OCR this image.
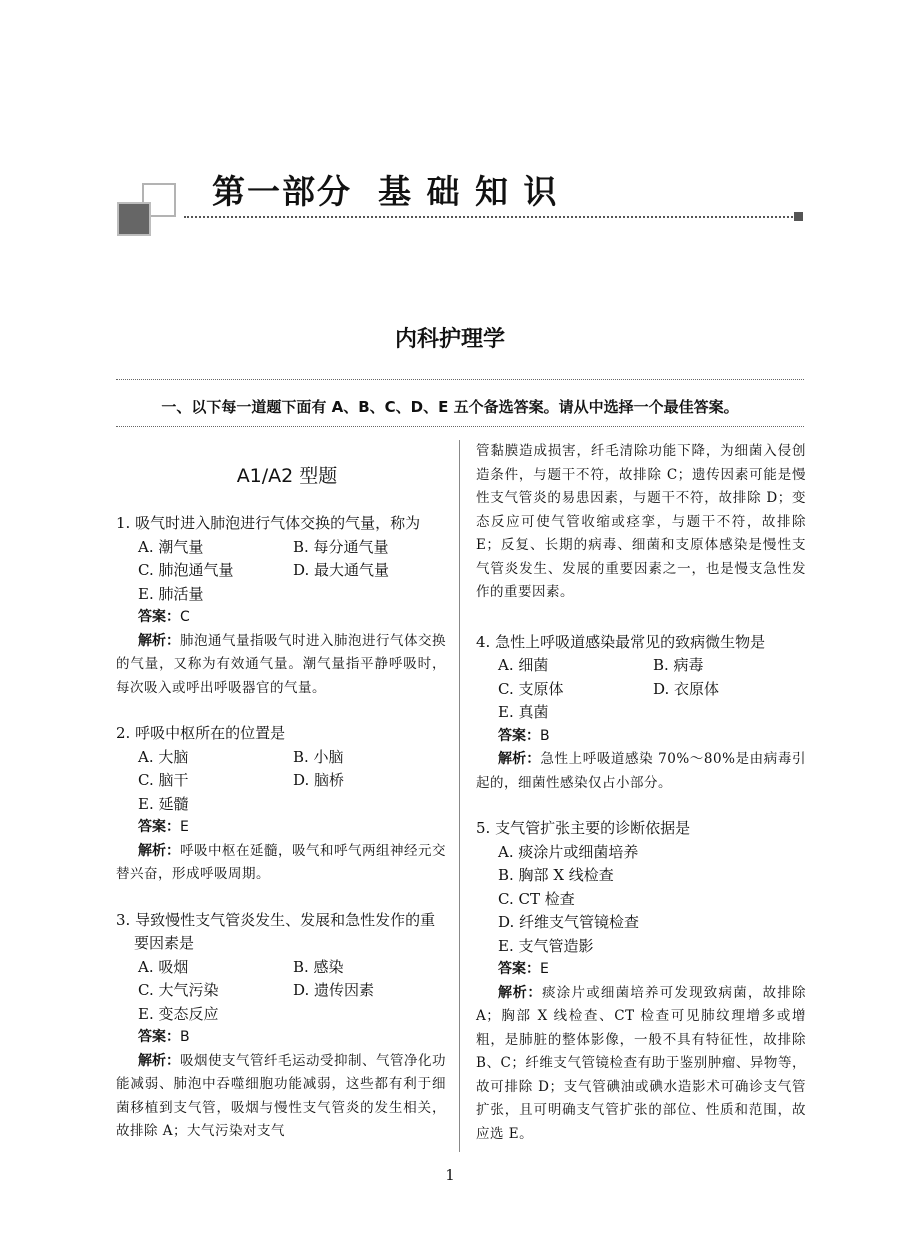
第一部分 基 础 知 识
内科护理学
一、以下每一道题下面有 A、B、C、D、E 五个备选答案。请从中选择一个最佳答案。
A1/A2 型题
1. 吸气时进入肺泡进行气体交换的气量，称为
A. 潮气量	B. 每分通气量
C. 肺泡通气量	D. 最大通气量
E. 肺活量
答案：C
解析：肺泡通气量指吸气时进入肺泡进行气体交换的气量，又称为有效通气量。潮气量指平静呼吸时，每次吸入或呼出呼吸器官的气量。
2. 呼吸中枢所在的位置是
A. 大脑	B. 小脑
C. 脑干	D. 脑桥
E. 延髓
答案：E
解析：呼吸中枢在延髓，吸气和呼气两组神经元交替兴奋，形成呼吸周期。
3. 导致慢性支气管炎发生、发展和急性发作的重要因素是
A. 吸烟	B. 感染
C. 大气污染	D. 遗传因素
E. 变态反应
答案：B
解析：吸烟使支气管纤毛运动受抑制、气管净化功能减弱、肺泡中吞噬细胞功能减弱，这些都有利于细菌移植到支气管，吸烟与慢性支气管炎的发生相关，故排除 A；大气污染对支气
管黏膜造成损害，纤毛清除功能下降，为细菌入侵创造条件，与题干不符，故排除 C；遗传因素可能是慢性支气管炎的易患因素，与题干不符，故排除 D；变态反应可使气管收缩或痉挛，与题干不符，故排除 E；反复、长期的病毒、细菌和支原体感染是慢性支气管炎发生、发展的重要因素之一，也是慢支急性发作的重要因素。
4. 急性上呼吸道感染最常见的致病微生物是
A. 细菌	B. 病毒
C. 支原体	D. 衣原体
E. 真菌
答案：B
解析：急性上呼吸道感染 70%～80%是由病毒引起的，细菌性感染仅占小部分。
5. 支气管扩张主要的诊断依据是
A. 痰涂片或细菌培养
B. 胸部 X 线检查
C. CT 检查
D. 纤维支气管镜检查
E. 支气管造影
答案：E
解析：痰涂片或细菌培养可发现致病菌，故排除 A；胸部 X 线检查、CT 检查可见肺纹理增多或增粗，是肺脏的整体影像，一般不具有特征性，故排除 B、C；纤维支气管镜检查有助于鉴别肿瘤、异物等，故可排除 D；支气管碘油或碘水造影术可确诊支气管扩张，且可明确支气管扩张的部位、性质和范围，故应选 E。
1
